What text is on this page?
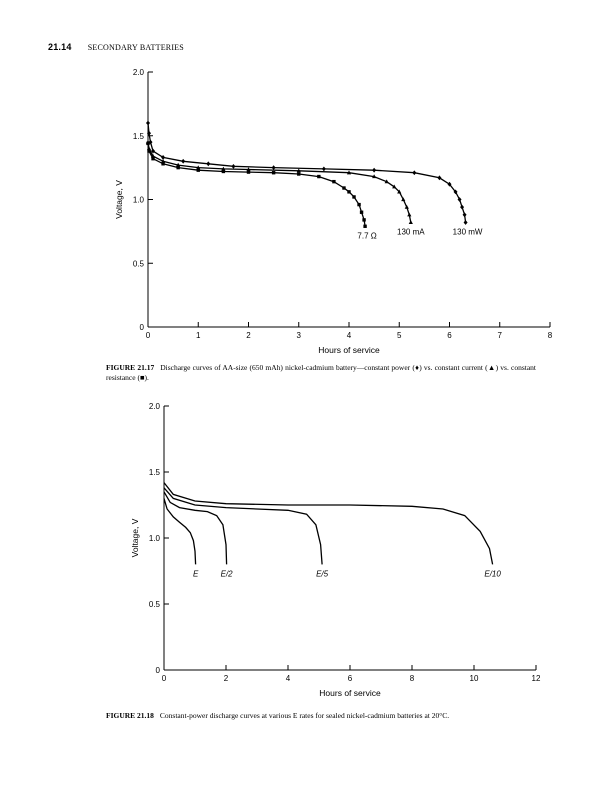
21.14 SECONDARY BATTERIES
0	1	2	3	4	5	6	7	8
0
0.5
1.0
1.5
2.0
Hours of service
Voltage, V
7.7 Ω	130 mA	130 mW
FIGURE 21.17 Discharge curves of AA-size (650 mAh) nickel-cadmium battery—constant power (♦) vs. constant current (▲) vs. constant resistance (■).
0	2	4	6	8	10	12
0
0.5
1.0
1.5
2.0
Hours of service
Voltage, V
E	E/2	E/5	E/10
FIGURE 21.18 Constant-power discharge curves at various E rates for sealed nickel-cadmium batteries at 20°C.
